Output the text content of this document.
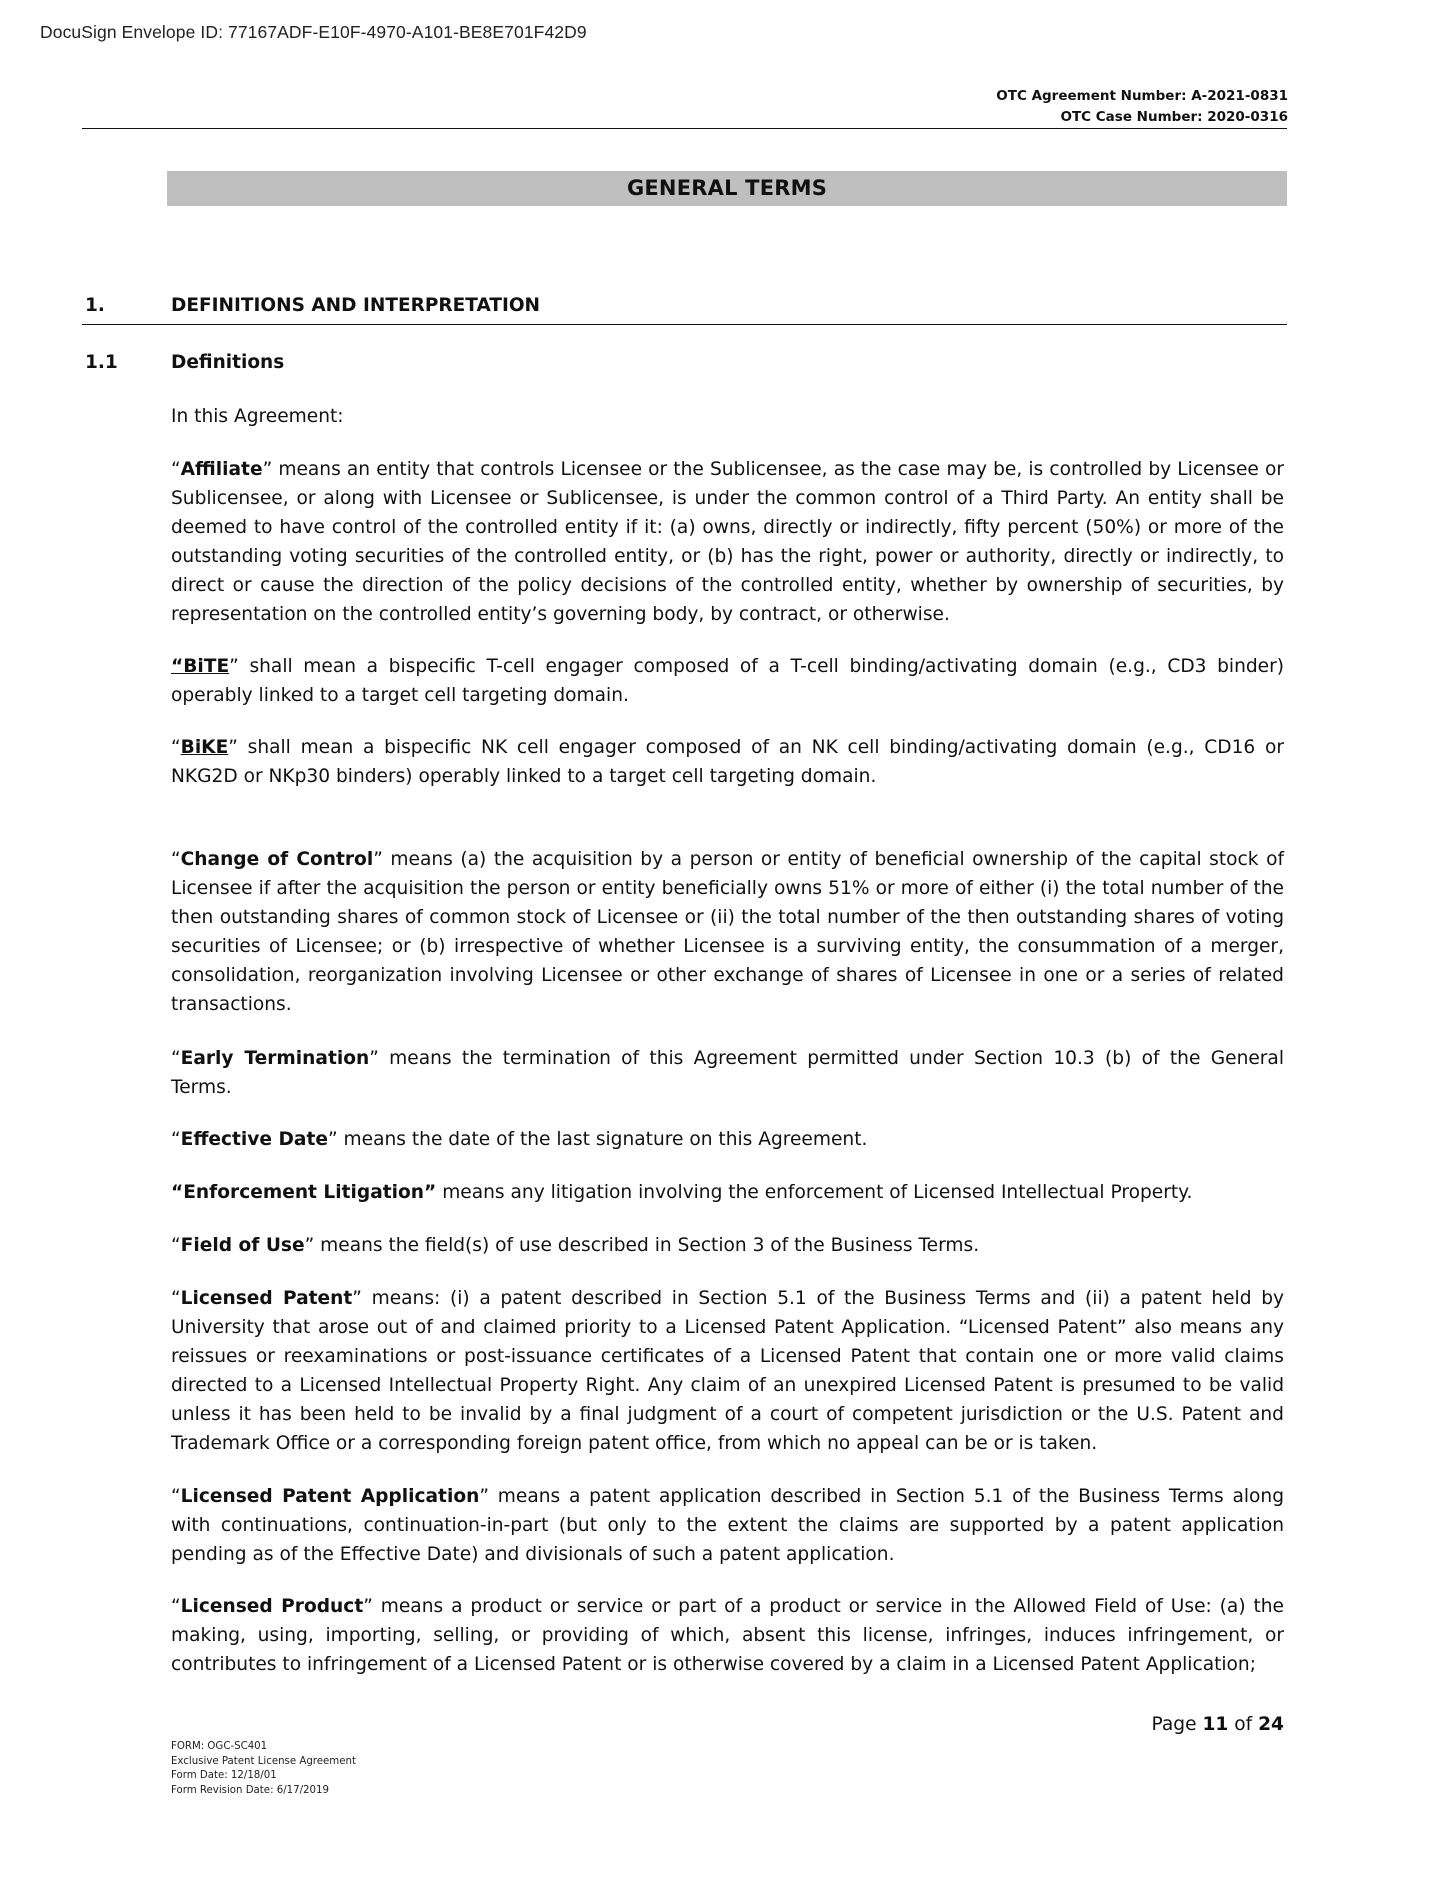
DocuSign Envelope ID: 77167ADF-E10F-4970-A101-BE8E701F42D9
OTC Agreement Number: A-2021-0831
OTC Case Number: 2020-0316
GENERAL TERMS
1.	DEFINITIONS AND INTERPRETATION
1.1	Definitions

In this Agreement:

“Affiliate” means an entity that controls Licensee or the Sublicensee, as the case may be, is controlled by Licensee or Sublicensee, or along with Licensee or Sublicensee, is under the common control of a Third Party. An entity shall be deemed to have control of the controlled entity if it: (a) owns, directly or indirectly, fifty percent (50%) or more of the outstanding voting securities of the controlled entity, or (b) has the right, power or authority, directly or indirectly, to direct or cause the direction of the policy decisions of the controlled entity, whether by ownership of securities, by representation on the controlled entity’s governing body, by contract, or otherwise.

“BiTE” shall mean a bispecific T-cell engager composed of a T-cell binding/activating domain (e.g., CD3 binder) operably linked to a target cell targeting domain.

“BiKE” shall mean a bispecific NK cell engager composed of an NK cell binding/activating domain (e.g., CD16 or NKG2D or NKp30 binders) operably linked to a target cell targeting domain.

“Change of Control” means (a) the acquisition by a person or entity of beneficial ownership of the capital stock of Licensee if after the acquisition the person or entity beneficially owns 51% or more of either (i) the total number of the then outstanding shares of common stock of Licensee or (ii) the total number of the then outstanding shares of voting securities of Licensee; or (b) irrespective of whether Licensee is a surviving entity, the consummation of a merger, consolidation, reorganization involving Licensee or other exchange of shares of Licensee in one or a series of related transactions.

“Early Termination” means the termination of this Agreement permitted under Section 10.3 (b) of the General Terms.

“Effective Date” means the date of the last signature on this Agreement.

“Enforcement Litigation” means any litigation involving the enforcement of Licensed Intellectual Property.

“Field of Use” means the field(s) of use described in Section 3 of the Business Terms.

“Licensed Patent” means: (i) a patent described in Section 5.1 of the Business Terms and (ii) a patent held by University that arose out of and claimed priority to a Licensed Patent Application. “Licensed Patent” also means any reissues or reexaminations or post-issuance certificates of a Licensed Patent that contain one or more valid claims directed to a Licensed Intellectual Property Right. Any claim of an unexpired Licensed Patent is presumed to be valid unless it has been held to be invalid by a final judgment of a court of competent jurisdiction or the U.S. Patent and Trademark Office or a corresponding foreign patent office, from which no appeal can be or is taken.

“Licensed Patent Application” means a patent application described in Section 5.1 of the Business Terms along with continuations, continuation-in-part (but only to the extent the claims are supported by a patent application pending as of the Effective Date) and divisionals of such a patent application.

“Licensed Product” means a product or service or part of a product or service in the Allowed Field of Use: (a) the making, using, importing, selling, or providing of which, absent this license, infringes, induces infringement, or contributes to infringement of a Licensed Patent or is otherwise covered by a claim in a Licensed Patent Application;

Page 11 of 24
FORM: OGC-SC401
Exclusive Patent License Agreement
Form Date: 12/18/01
Form Revision Date: 6/17/2019
